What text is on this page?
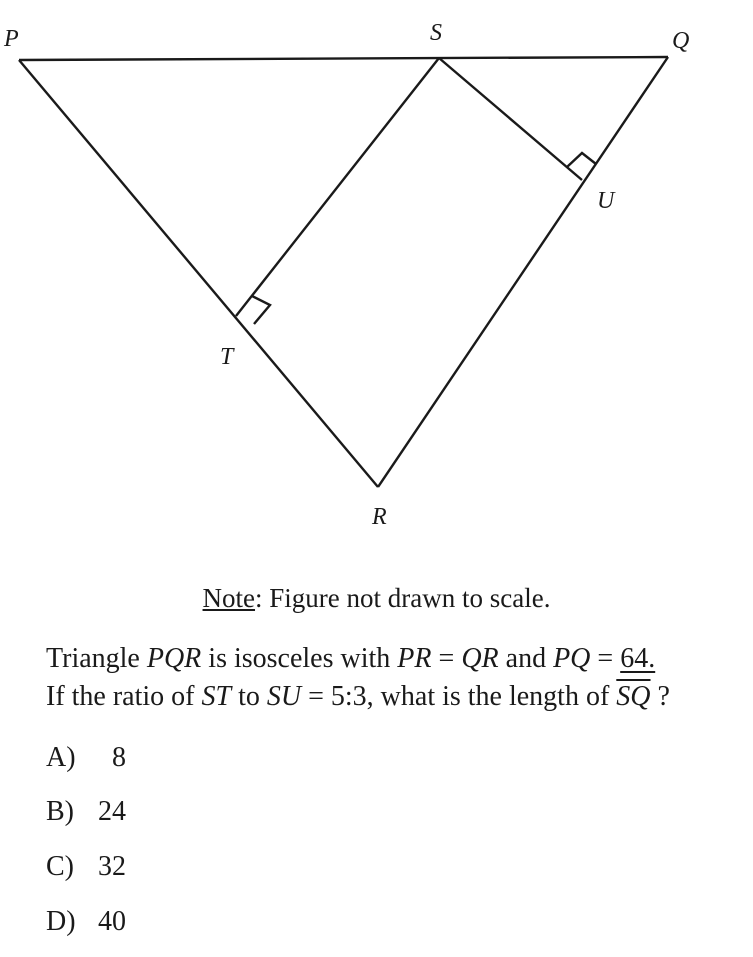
P	S	Q
U
T
R
Note: Figure not drawn to scale.
Triangle PQR is isosceles with PR = QR and PQ = 64.
If the ratio of ST to SU = 5:3, what is the length of $\overline{SQ}$ ?
A) 8
B) 24
C) 32
D) 40
